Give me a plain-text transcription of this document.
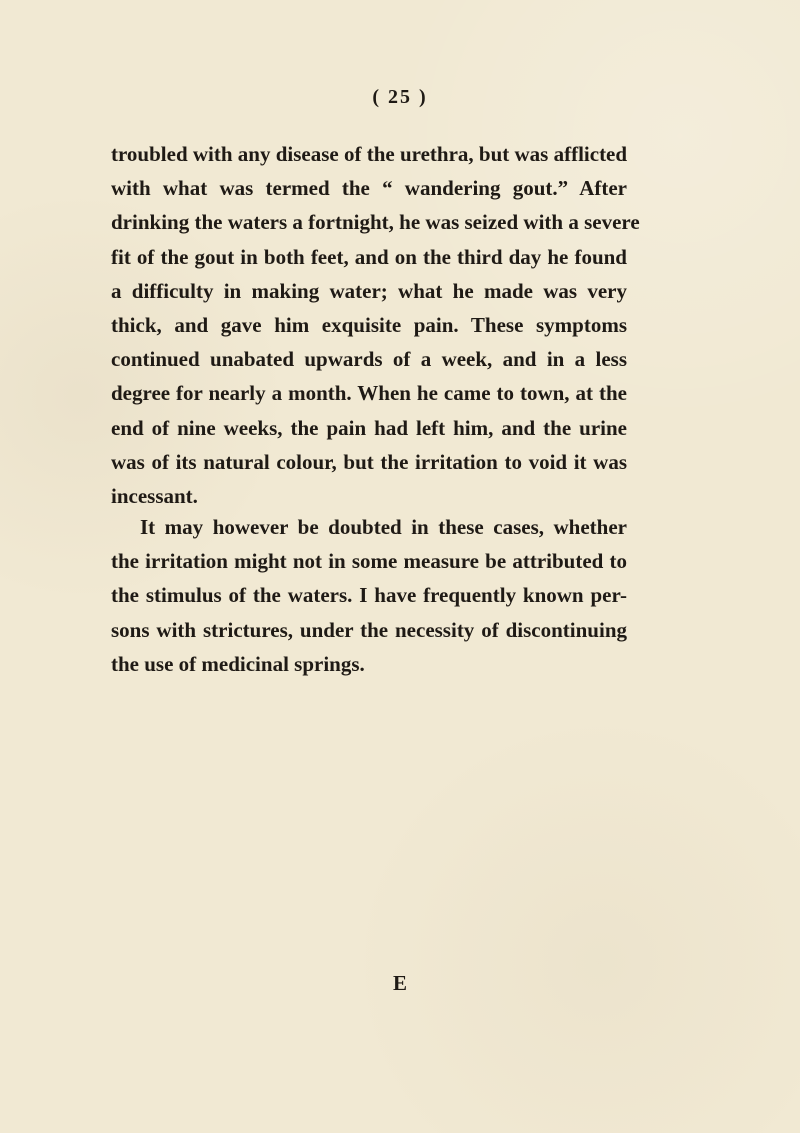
( 25 )
troubled with any disease of the urethra, but was afflicted
with what was termed the “ wandering gout.” After
drinking the waters a fortnight, he was seized with a severe
fit of the gout in both feet, and on the third day he found
a difficulty in making water; what he made was very
thick, and gave him exquisite pain. These symptoms
continued unabated upwards of a week, and in a less
degree for nearly a month. When he came to town, at the
end of nine weeks, the pain had left him, and the urine
was of its natural colour, but the irritation to void it was
incessant.
It may however be doubted in these cases, whether
the irritation might not in some measure be attributed to
the stimulus of the waters. I have frequently known per-
sons with strictures, under the necessity of discontinuing
the use of medicinal springs.
E
